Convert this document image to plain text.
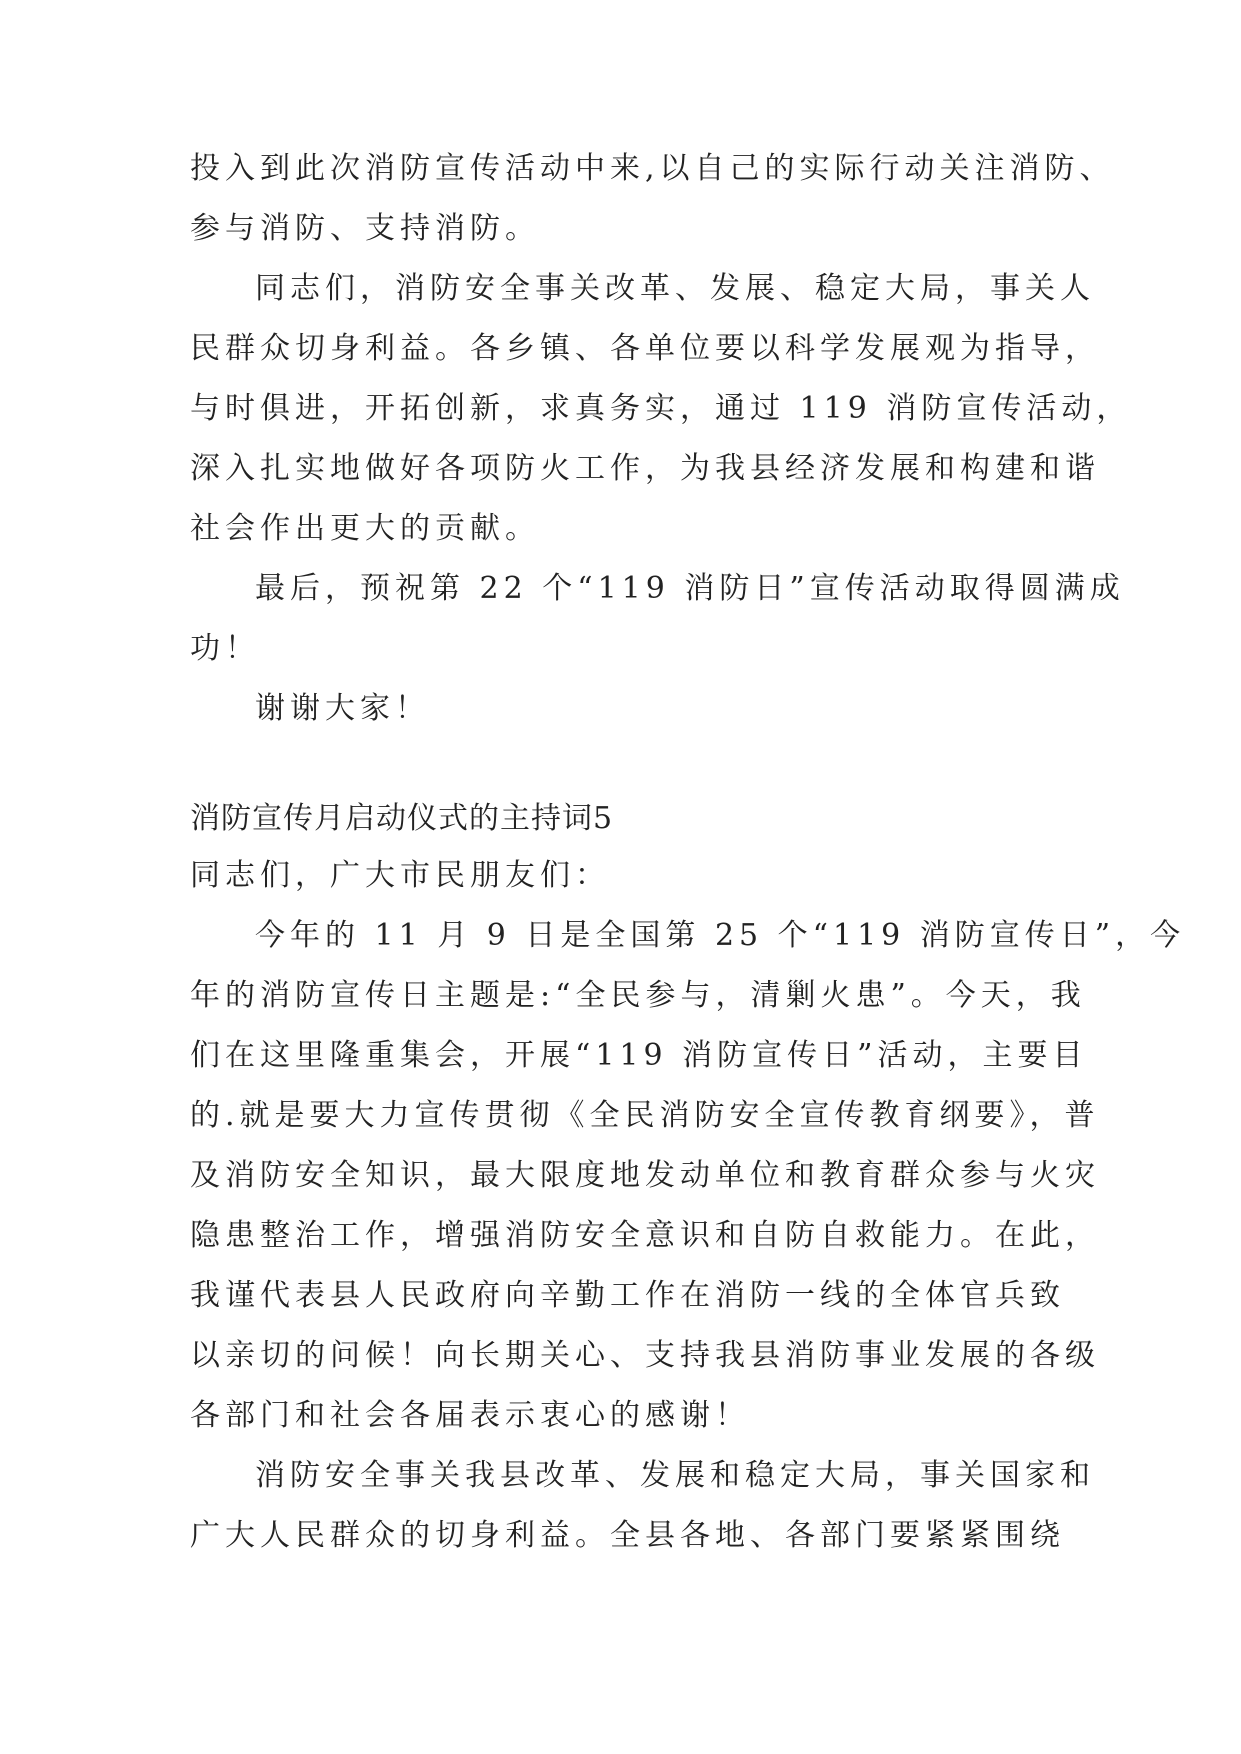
投入到此次消防宣传活动中来,以自己的实际行动关注消防、
参与消防、支持消防。
同志们，消防安全事关改革、发展、稳定大局，事关人
民群众切身利益。各乡镇、各单位要以科学发展观为指导，
与时俱进，开拓创新，求真务实，通过 119 消防宣传活动，
深入扎实地做好各项防火工作，为我县经济发展和构建和谐
社会作出更大的贡献。
最后，预祝第 22 个“119 消防日”宣传活动取得圆满成
功！
谢谢大家！
消防宣传月启动仪式的主持词5
同志们，广大市民朋友们：
今年的 11 月 9 日是全国第 25 个“119 消防宣传日”，今
年的消防宣传日主题是:“全民参与，清剿火患”。今天，我
们在这里隆重集会，开展“119 消防宣传日”活动，主要目
的.就是要大力宣传贯彻《全民消防安全宣传教育纲要》，普
及消防安全知识，最大限度地发动单位和教育群众参与火灾
隐患整治工作，增强消防安全意识和自防自救能力。在此，
我谨代表县人民政府向辛勤工作在消防一线的全体官兵致
以亲切的问候！向长期关心、支持我县消防事业发展的各级
各部门和社会各届表示衷心的感谢！
消防安全事关我县改革、发展和稳定大局，事关国家和
广大人民群众的切身利益。全县各地、各部门要紧紧围绕
